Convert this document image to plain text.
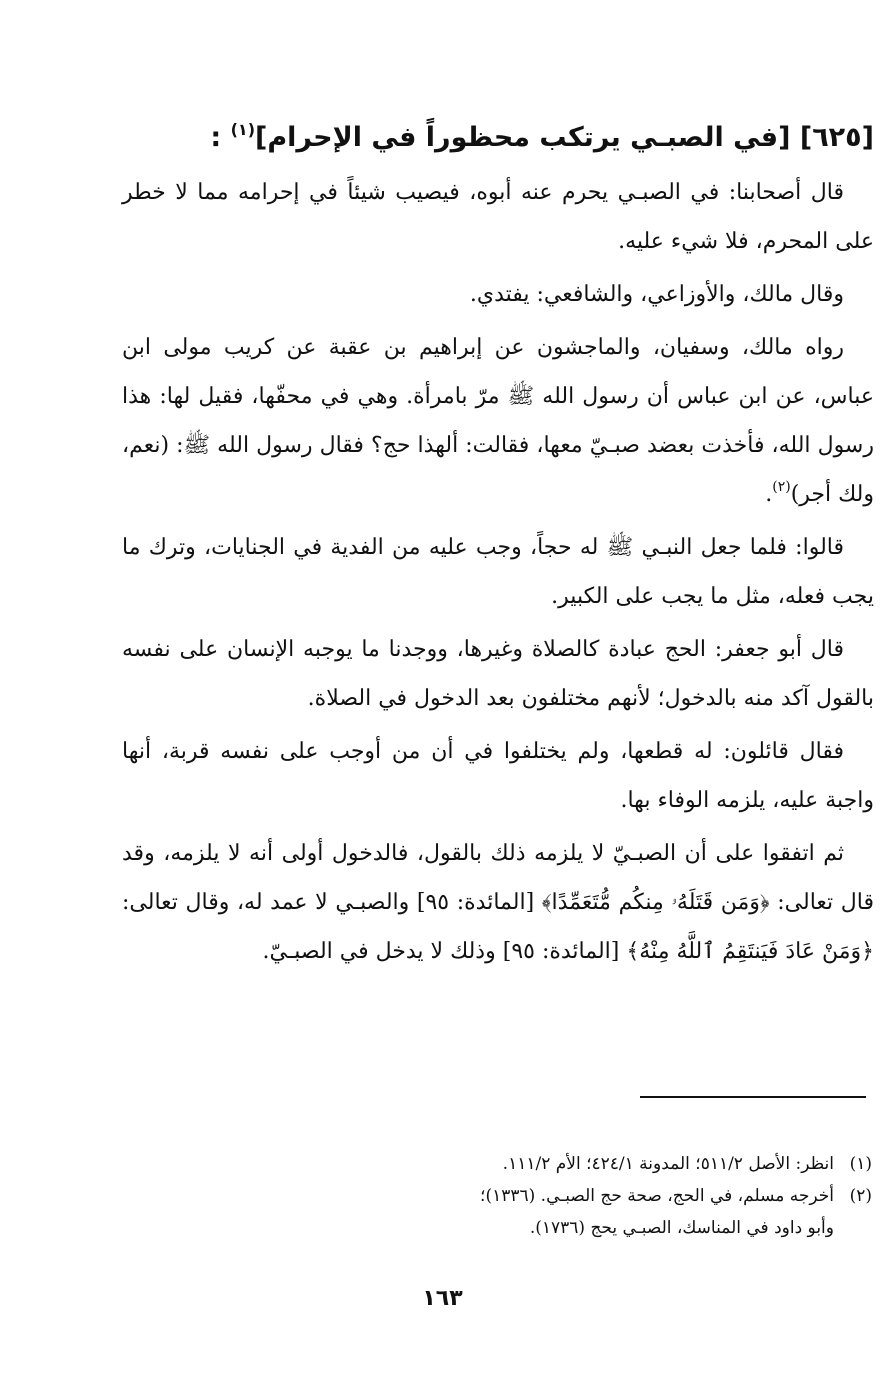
[٦٢٥] [في الصبـي يرتكب محظوراً في الإحرام]$^{(١)}$ :

قال أصحابنا: في الصبـي يحرم عنه أبوه، فيصيب شيئاً في إحرامه مما لا خطر على المحرم، فلا شيء عليه.

وقال مالك، والأوزاعي، والشافعي: يفتدي.

رواه مالك، وسفيان، والماجشون عن إبراهيم بن عقبة عن كريب مولى ابن عباس، عن ابن عباس أن رسول الله ﷺ مرّ بامرأة. وهي في محفّها، فقيل لها: هذا رسول الله، فأخذت بعضد صبـيّ معها، فقالت: ألهذا حج؟ فقال رسول الله ﷺ: (نعم، ولك أجر)$^{(٢)}$.

قالوا: فلما جعل النبـي ﷺ له حجاً، وجب عليه من الفدية في الجنايات، وترك ما يجب فعله، مثل ما يجب على الكبير.

قال أبو جعفر: الحج عبادة كالصلاة وغيرها، ووجدنا ما يوجبه الإنسان على نفسه بالقول آكد منه بالدخول؛ لأنهم مختلفون بعد الدخول في الصلاة.

فقال قائلون: له قطعها، ولم يختلفوا في أن من أوجب على نفسه قربة، أنها واجبة عليه، يلزمه الوفاء بها.

ثم اتفقوا على أن الصبـيّ لا يلزمه ذلك بالقول، فالدخول أولى أنه لا يلزمه، وقد قال تعالى: ﴿وَمَن قَتَلَهُۥ مِنكُم مُّتَعَمِّدًا﴾ [المائدة: ٩٥] والصبـي لا عمد له، وقال تعالى: ﴿وَمَنْ عَادَ فَيَنتَقِمُ ٱللَّهُ مِنْهُ﴾ [المائدة: ٩٥] وذلك لا يدخل في الصبـيّ.

(١)انظر: الأصل ٥١١/٢؛ المدونة ٤٢٤/١؛ الأم ١١١/٢.

(٢)أخرجه مسلم، في الحج، صحة حج الصبـي. (١٣٣٦)؛

وأبو داود في المناسك، الصبـي يحج (١٧٣٦).

١٦٣
